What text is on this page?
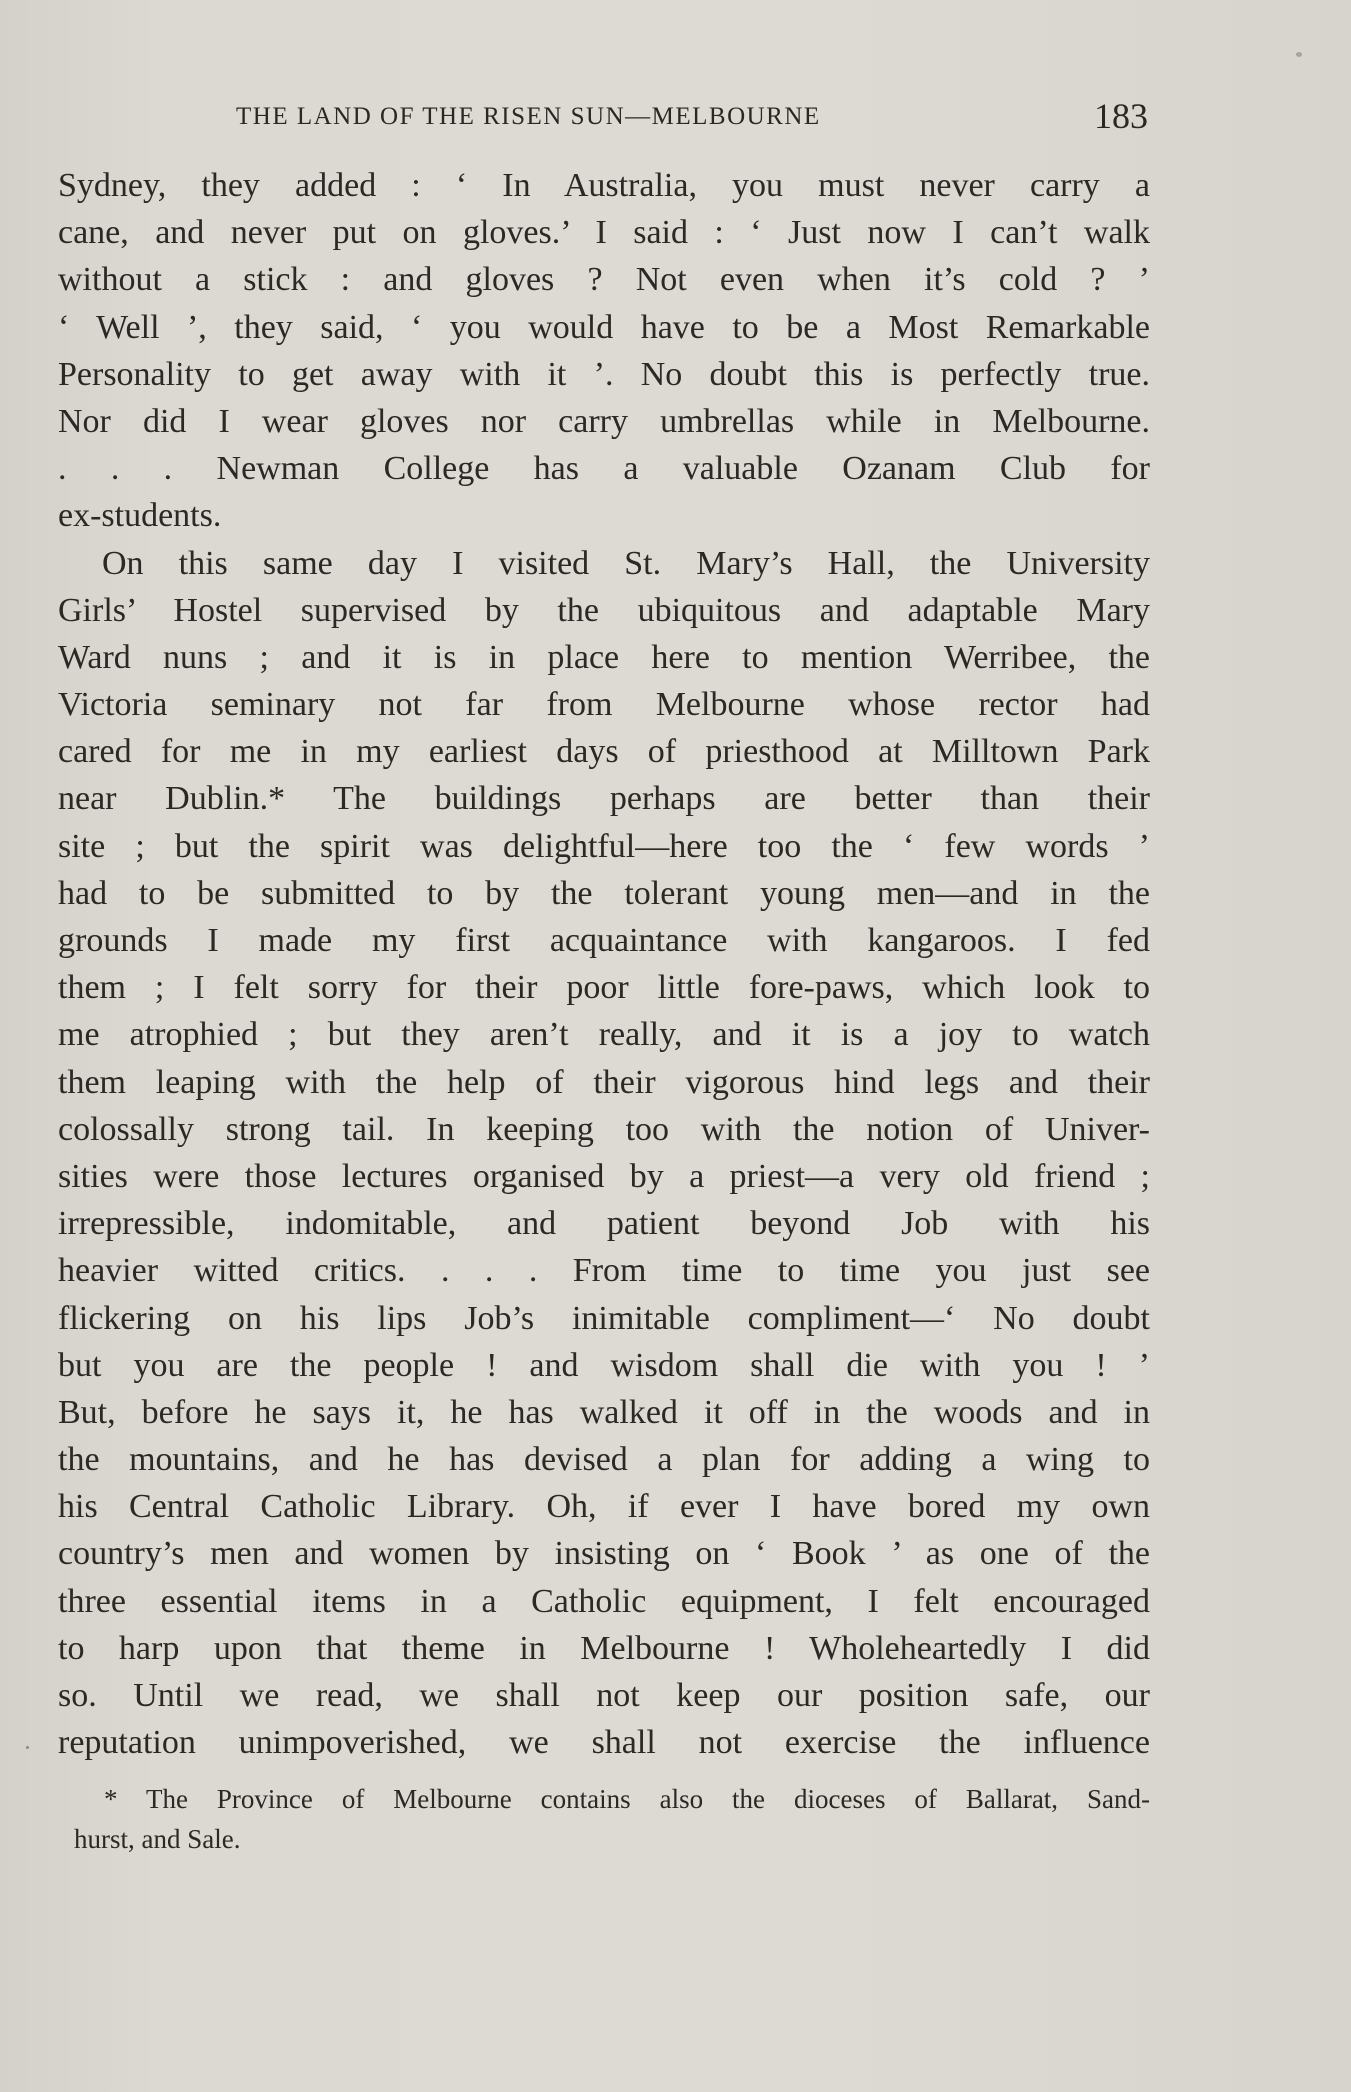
THE LAND OF THE RISEN SUN—MELBOURNE	183
Sydney, they added : ‘ In Australia, you must never carry a
cane, and never put on gloves.’ I said : ‘ Just now I can’t walk
without a stick : and gloves ? Not even when it’s cold ? ’
‘ Well ’, they said, ‘ you would have to be a Most Remarkable
Personality to get away with it ’. No doubt this is perfectly true.
Nor did I wear gloves nor carry umbrellas while in Melbourne.
. . . Newman College has a valuable Ozanam Club for
ex-students.
On this same day I visited St. Mary’s Hall, the University
Girls’ Hostel supervised by the ubiquitous and adaptable Mary
Ward nuns ; and it is in place here to mention Werribee, the
Victoria seminary not far from Melbourne whose rector had
cared for me in my earliest days of priesthood at Milltown Park
near Dublin.* The buildings perhaps are better than their
site ; but the spirit was delightful—here too the ‘ few words ’
had to be submitted to by the tolerant young men—and in the
grounds I made my first acquaintance with kangaroos. I fed
them ; I felt sorry for their poor little fore-paws, which look to
me atrophied ; but they aren’t really, and it is a joy to watch
them leaping with the help of their vigorous hind legs and their
colossally strong tail. In keeping too with the notion of Univer-
sities were those lectures organised by a priest—a very old friend ;
irrepressible, indomitable, and patient beyond Job with his
heavier witted critics. . . . From time to time you just see
flickering on his lips Job’s inimitable compliment—‘ No doubt
but you are the people ! and wisdom shall die with you ! ’
But, before he says it, he has walked it off in the woods and in
the mountains, and he has devised a plan for adding a wing to
his Central Catholic Library. Oh, if ever I have bored my own
country’s men and women by insisting on ‘ Book ’ as one of the
three essential items in a Catholic equipment, I felt encouraged
to harp upon that theme in Melbourne ! Wholeheartedly I did
so. Until we read, we shall not keep our position safe, our
reputation unimpoverished, we shall not exercise the influence
* The Province of Melbourne contains also the dioceses of Ballarat, Sand-
hurst, and Sale.
